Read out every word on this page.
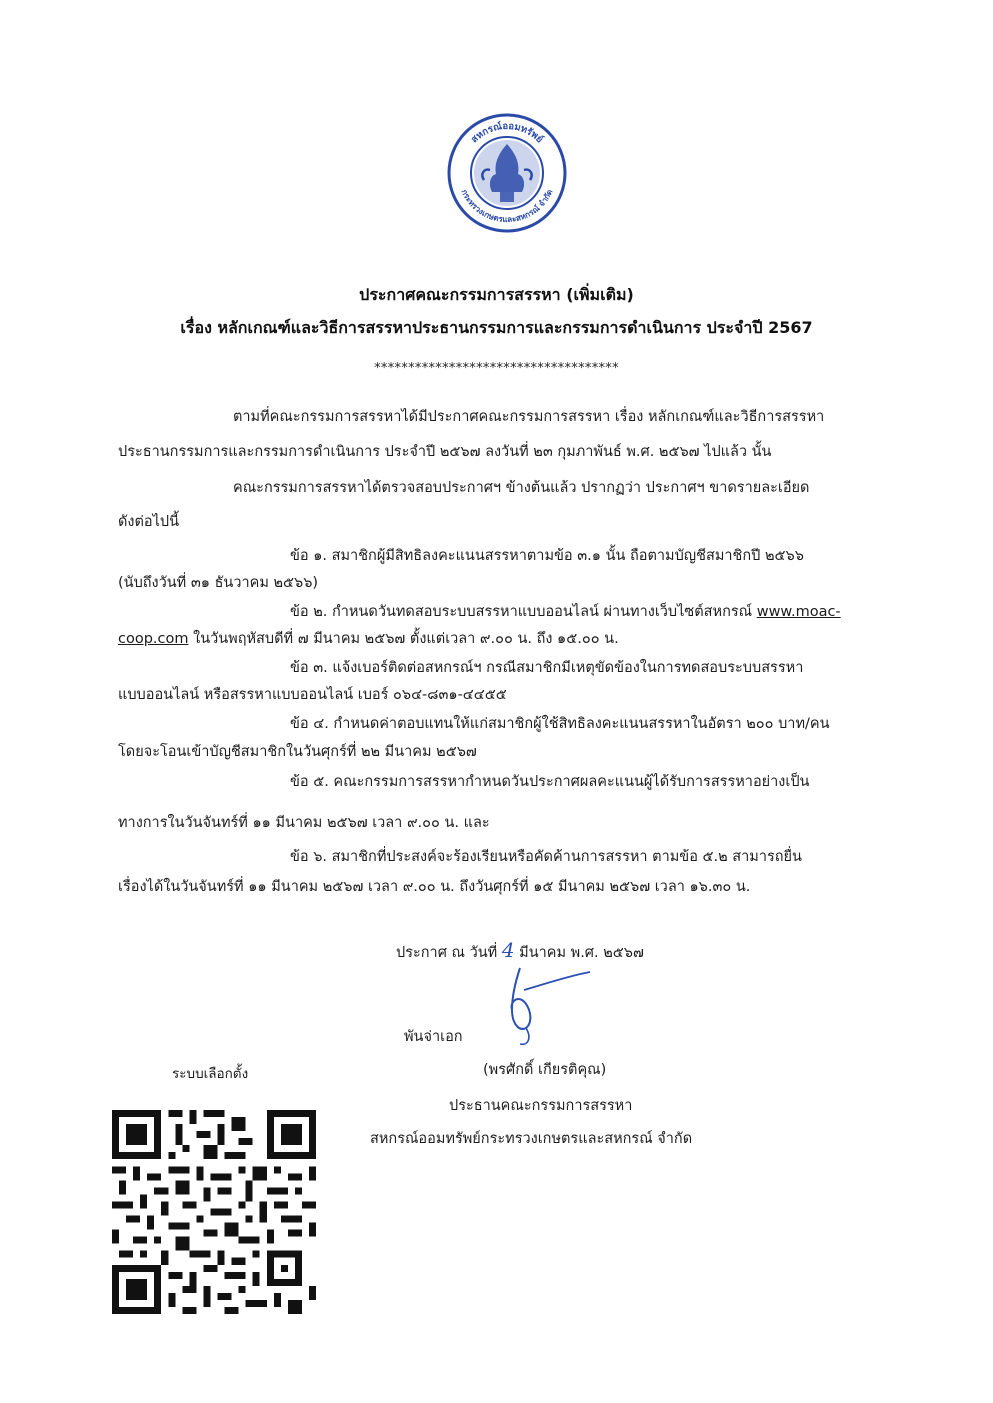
สหกรณ์ออมทรัพย์
กระทรวงเกษตรและสหกรณ์ จำกัด
ประกาศคณะกรรมการสรรหา (เพิ่มเติม)
เรื่อง หลักเกณฑ์และวิธีการสรรหาประธานกรรมการและกรรมการดำเนินการ ประจำปี 2567
************************************
ตามที่คณะกรรมการสรรหาได้มีประกาศคณะกรรมการสรรหา เรื่อง หลักเกณฑ์และวิธีการสรรหา
ประธานกรรมการและกรรมการดำเนินการ ประจำปี ๒๕๖๗ ลงวันที่ ๒๓ กุมภาพันธ์ พ.ศ. ๒๕๖๗ ไปแล้ว นั้น
คณะกรรมการสรรหาได้ตรวจสอบประกาศฯ ข้างต้นแล้ว ปรากฏว่า ประกาศฯ ขาดรายละเอียด
ดังต่อไปนี้
ข้อ ๑. สมาชิกผู้มีสิทธิลงคะแนนสรรหาตามข้อ ๓.๑ นั้น ถือตามบัญชีสมาชิกปี ๒๕๖๖
(นับถึงวันที่ ๓๑ ธันวาคม ๒๕๖๖)
ข้อ ๒. กำหนดวันทดสอบระบบสรรหาแบบออนไลน์ ผ่านทางเว็บไซต์สหกรณ์ www.moac-
coop.com ในวันพฤหัสบดีที่ ๗ มีนาคม ๒๕๖๗ ตั้งแต่เวลา ๙.๐๐ น. ถึง ๑๕.๐๐ น.
ข้อ ๓. แจ้งเบอร์ติดต่อสหกรณ์ฯ กรณีสมาชิกมีเหตุขัดข้องในการทดสอบระบบสรรหา
แบบออนไลน์ หรือสรรหาแบบออนไลน์ เบอร์ ๐๖๔-๘๓๑-๔๔๕๕
ข้อ ๔. กำหนดค่าตอบแทนให้แก่สมาชิกผู้ใช้สิทธิลงคะแนนสรรหาในอัตรา ๒๐๐ บาท/คน
โดยจะโอนเข้าบัญชีสมาชิกในวันศุกร์ที่ ๒๒ มีนาคม ๒๕๖๗
ข้อ ๕. คณะกรรมการสรรหากำหนดวันประกาศผลคะแนนผู้ได้รับการสรรหาอย่างเป็น
ทางการในวันจันทร์ที่ ๑๑ มีนาคม ๒๕๖๗ เวลา ๙.๐๐ น. และ
ข้อ ๖. สมาชิกที่ประสงค์จะร้องเรียนหรือคัดค้านการสรรหา ตามข้อ ๕.๒ สามารถยื่น
เรื่องได้ในวันจันทร์ที่ ๑๑ มีนาคม ๒๕๖๗ เวลา ๙.๐๐ น. ถึงวันศุกร์ที่ ๑๕ มีนาคม ๒๕๖๗ เวลา ๑๖.๓๐ น.
ประกาศ ณ วันที่ 4 มีนาคม พ.ศ. ๒๕๖๗
พันจ่าเอก
(พรศักดิ์ เกียรติคุณ)
ประธานคณะกรรมการสรรหา
สหกรณ์ออมทรัพย์กระทรวงเกษตรและสหกรณ์ จำกัด
ระบบเลือกตั้ง
